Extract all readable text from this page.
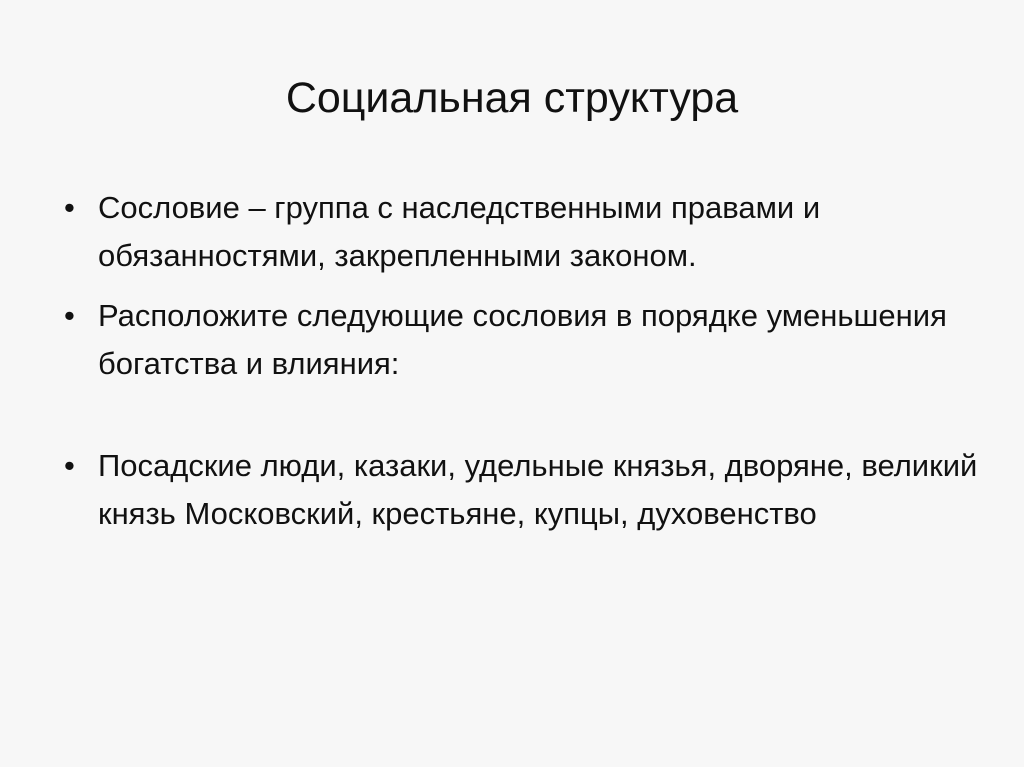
Социальная структура
• Сословие – группа с наследственными правами и обязанностями, закрепленными законом.
• Расположите следующие сословия в порядке уменьшения богатства и влияния:
• Посадские люди, казаки, удельные князья, дворяне, великий князь Московский, крестьяне, купцы, духовенство
